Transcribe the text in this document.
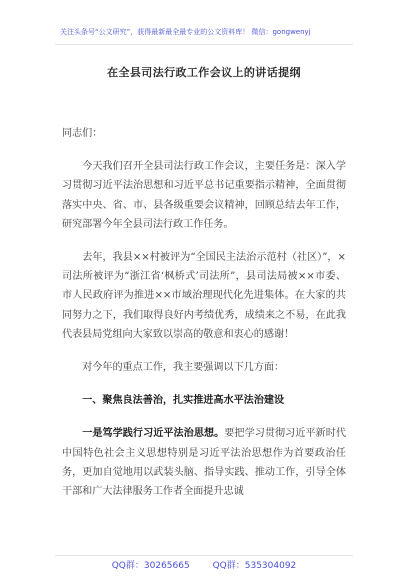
关注头条号“公文研究”，获得最新最全最专业的公文资料库！ 微信：gongwenyj
在全县司法行政工作会议上的讲话提纲

同志们：

今天我们召开全县司法行政工作会议，主要任务是：深入学习贯彻习近平法治思想和习近平总书记重要指示精神，全面贯彻落实中央、省、市、县各级重要会议精神，回顾总结去年工作，研究部署今年全县司法行政工作任务。

去年，我县××村被评为“全国民主法治示范村（社区）”，×司法所被评为“浙江省‘枫桥式’司法所”，县司法局被××市委、市人民政府评为推进××市域治理现代化先进集体。在大家的共同努力之下，我们取得良好内考绩优秀，成绩来之不易，在此我代表县局党组向大家致以崇高的敬意和衷心的感谢！

对今年的重点工作，我主要强调以下几方面：

一、聚焦良法善治，扎实推进高水平法治建设

一是笃学践行习近平法治思想。要把学习贯彻习近平新时代中国特色社会主义思想特别是习近平法治思想作为首要政治任务，更加自觉地用以武装头脑、指导实践、推动工作，引导全体干部和广大法律服务工作者全面提升忠诚

QQ群：30265665	QQ群：535304092
